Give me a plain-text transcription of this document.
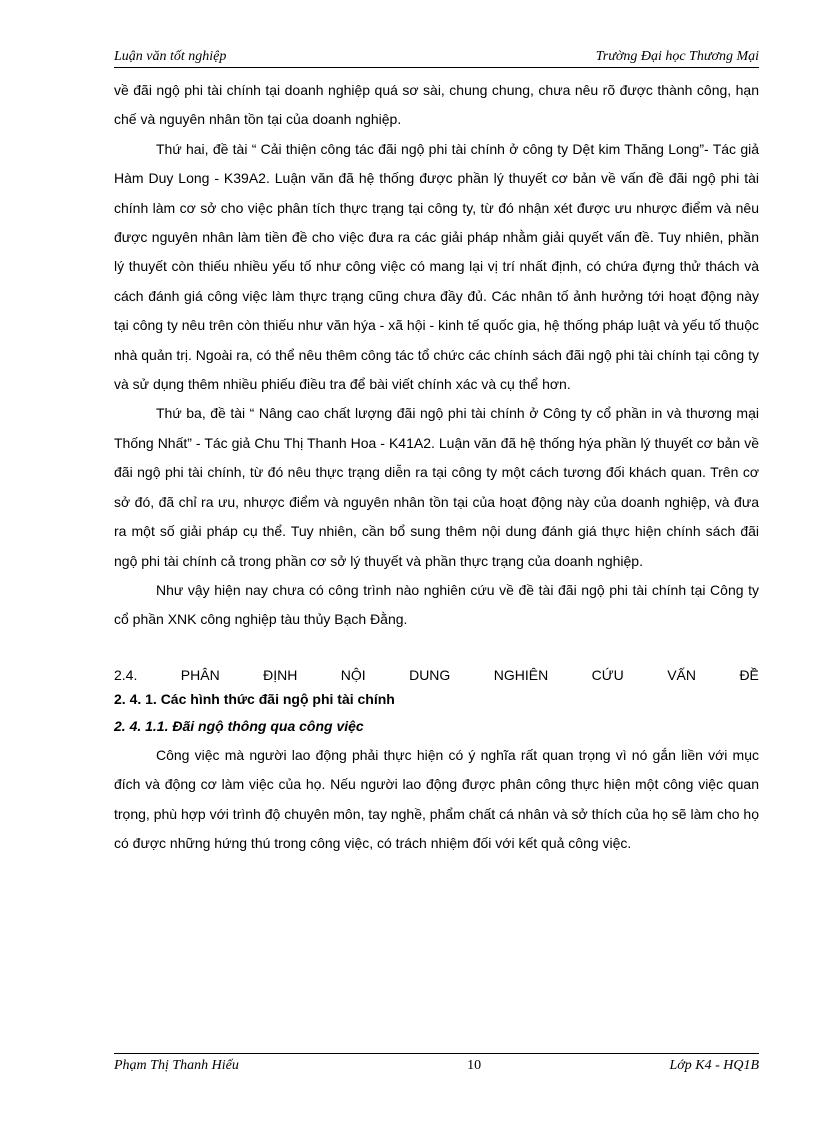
Luận văn tốt nghiệp	Trường Đại học Thương Mại

về đãi ngộ phi tài chính tại doanh nghiệp quá sơ sài, chung chung, chưa nêu rõ được thành công, hạn chế và nguyên nhân tồn tại của doanh nghiệp.

Thứ hai, đề tài “ Cải thiện công tác đãi ngộ phi tài chính ở công ty Dệt kim Thăng Long”- Tác giả Hàm Duy Long - K39A2. Luận văn đã hệ thống được phần lý thuyết cơ bản về vấn đề đãi ngộ phi tài chính làm cơ sở cho việc phân tích thực trạng tại công ty, từ đó nhận xét được ưu nhược điểm và nêu được nguyên nhân làm tiền đề cho việc đưa ra các giải pháp nhằm giải quyết vấn đề. Tuy nhiên, phần lý thuyết còn thiếu nhiều yếu tố như công việc có mang lại vị trí nhất định, có chứa đựng thử thách và cách đánh giá công việc làm thực trạng cũng chưa đầy đủ. Các nhân tố ảnh hưởng tới hoạt động này tại công ty nêu trên còn thiếu như văn hýa - xã hội - kinh tế quốc gia, hệ thống pháp luật và yếu tố thuộc nhà quản trị. Ngoài ra, có thể nêu thêm công tác tổ chức các chính sách đãi ngộ phi tài chính tại công ty và sử dụng thêm nhiều phiếu điều tra để bài viết chính xác và cụ thể hơn.

Thứ ba, đề tài “ Nâng cao chất lượng đãi ngộ phi tài chính ở Công ty cổ phần in và thương mại Thống Nhất” - Tác giả Chu Thị Thanh Hoa - K41A2. Luận văn đã hệ thống hýa phần lý thuyết cơ bản về đãi ngộ phi tài chính, từ đó nêu thực trạng diễn ra tại công ty một cách tương đối khách quan. Trên cơ sở đó, đã chỉ ra ưu, nhược điểm và nguyên nhân tồn tại của hoạt động này của doanh nghiệp, và đưa ra một số giải pháp cụ thể. Tuy nhiên, cần bổ sung thêm nội dung đánh giá thực hiện chính sách đãi ngộ phi tài chính cả trong phần cơ sở lý thuyết và phần thực trạng của doanh nghiệp.

Như vậy hiện nay chưa có công trình nào nghiên cứu về đề tài đãi ngộ phi tài chính tại Công ty cổ phần XNK công nghiệp tàu thủy Bạch Đằng.

2.4.	PHÂN	ĐỊNH	NỘI	DUNG	NGHIÊN	CỨU	VẤN	ĐỀ
2. 4. 1. Các hình thức đãi ngộ phi tài chính
2. 4. 1.1. Đãi ngộ thông qua công việc

Công việc mà người lao động phải thực hiện có ý nghĩa rất quan trọng vì nó gắn liền với mục đích và động cơ làm việc của họ. Nếu người lao động được phân công thực hiện một công việc quan trọng, phù hợp với trình độ chuyên môn, tay nghề, phẩm chất cá nhân và sở thích của họ sẽ làm cho họ có được những hứng thú trong công việc, có trách nhiệm đối với kết quả công việc.

Phạm Thị Thanh Hiếu	10	Lớp K4 - HQ1B
